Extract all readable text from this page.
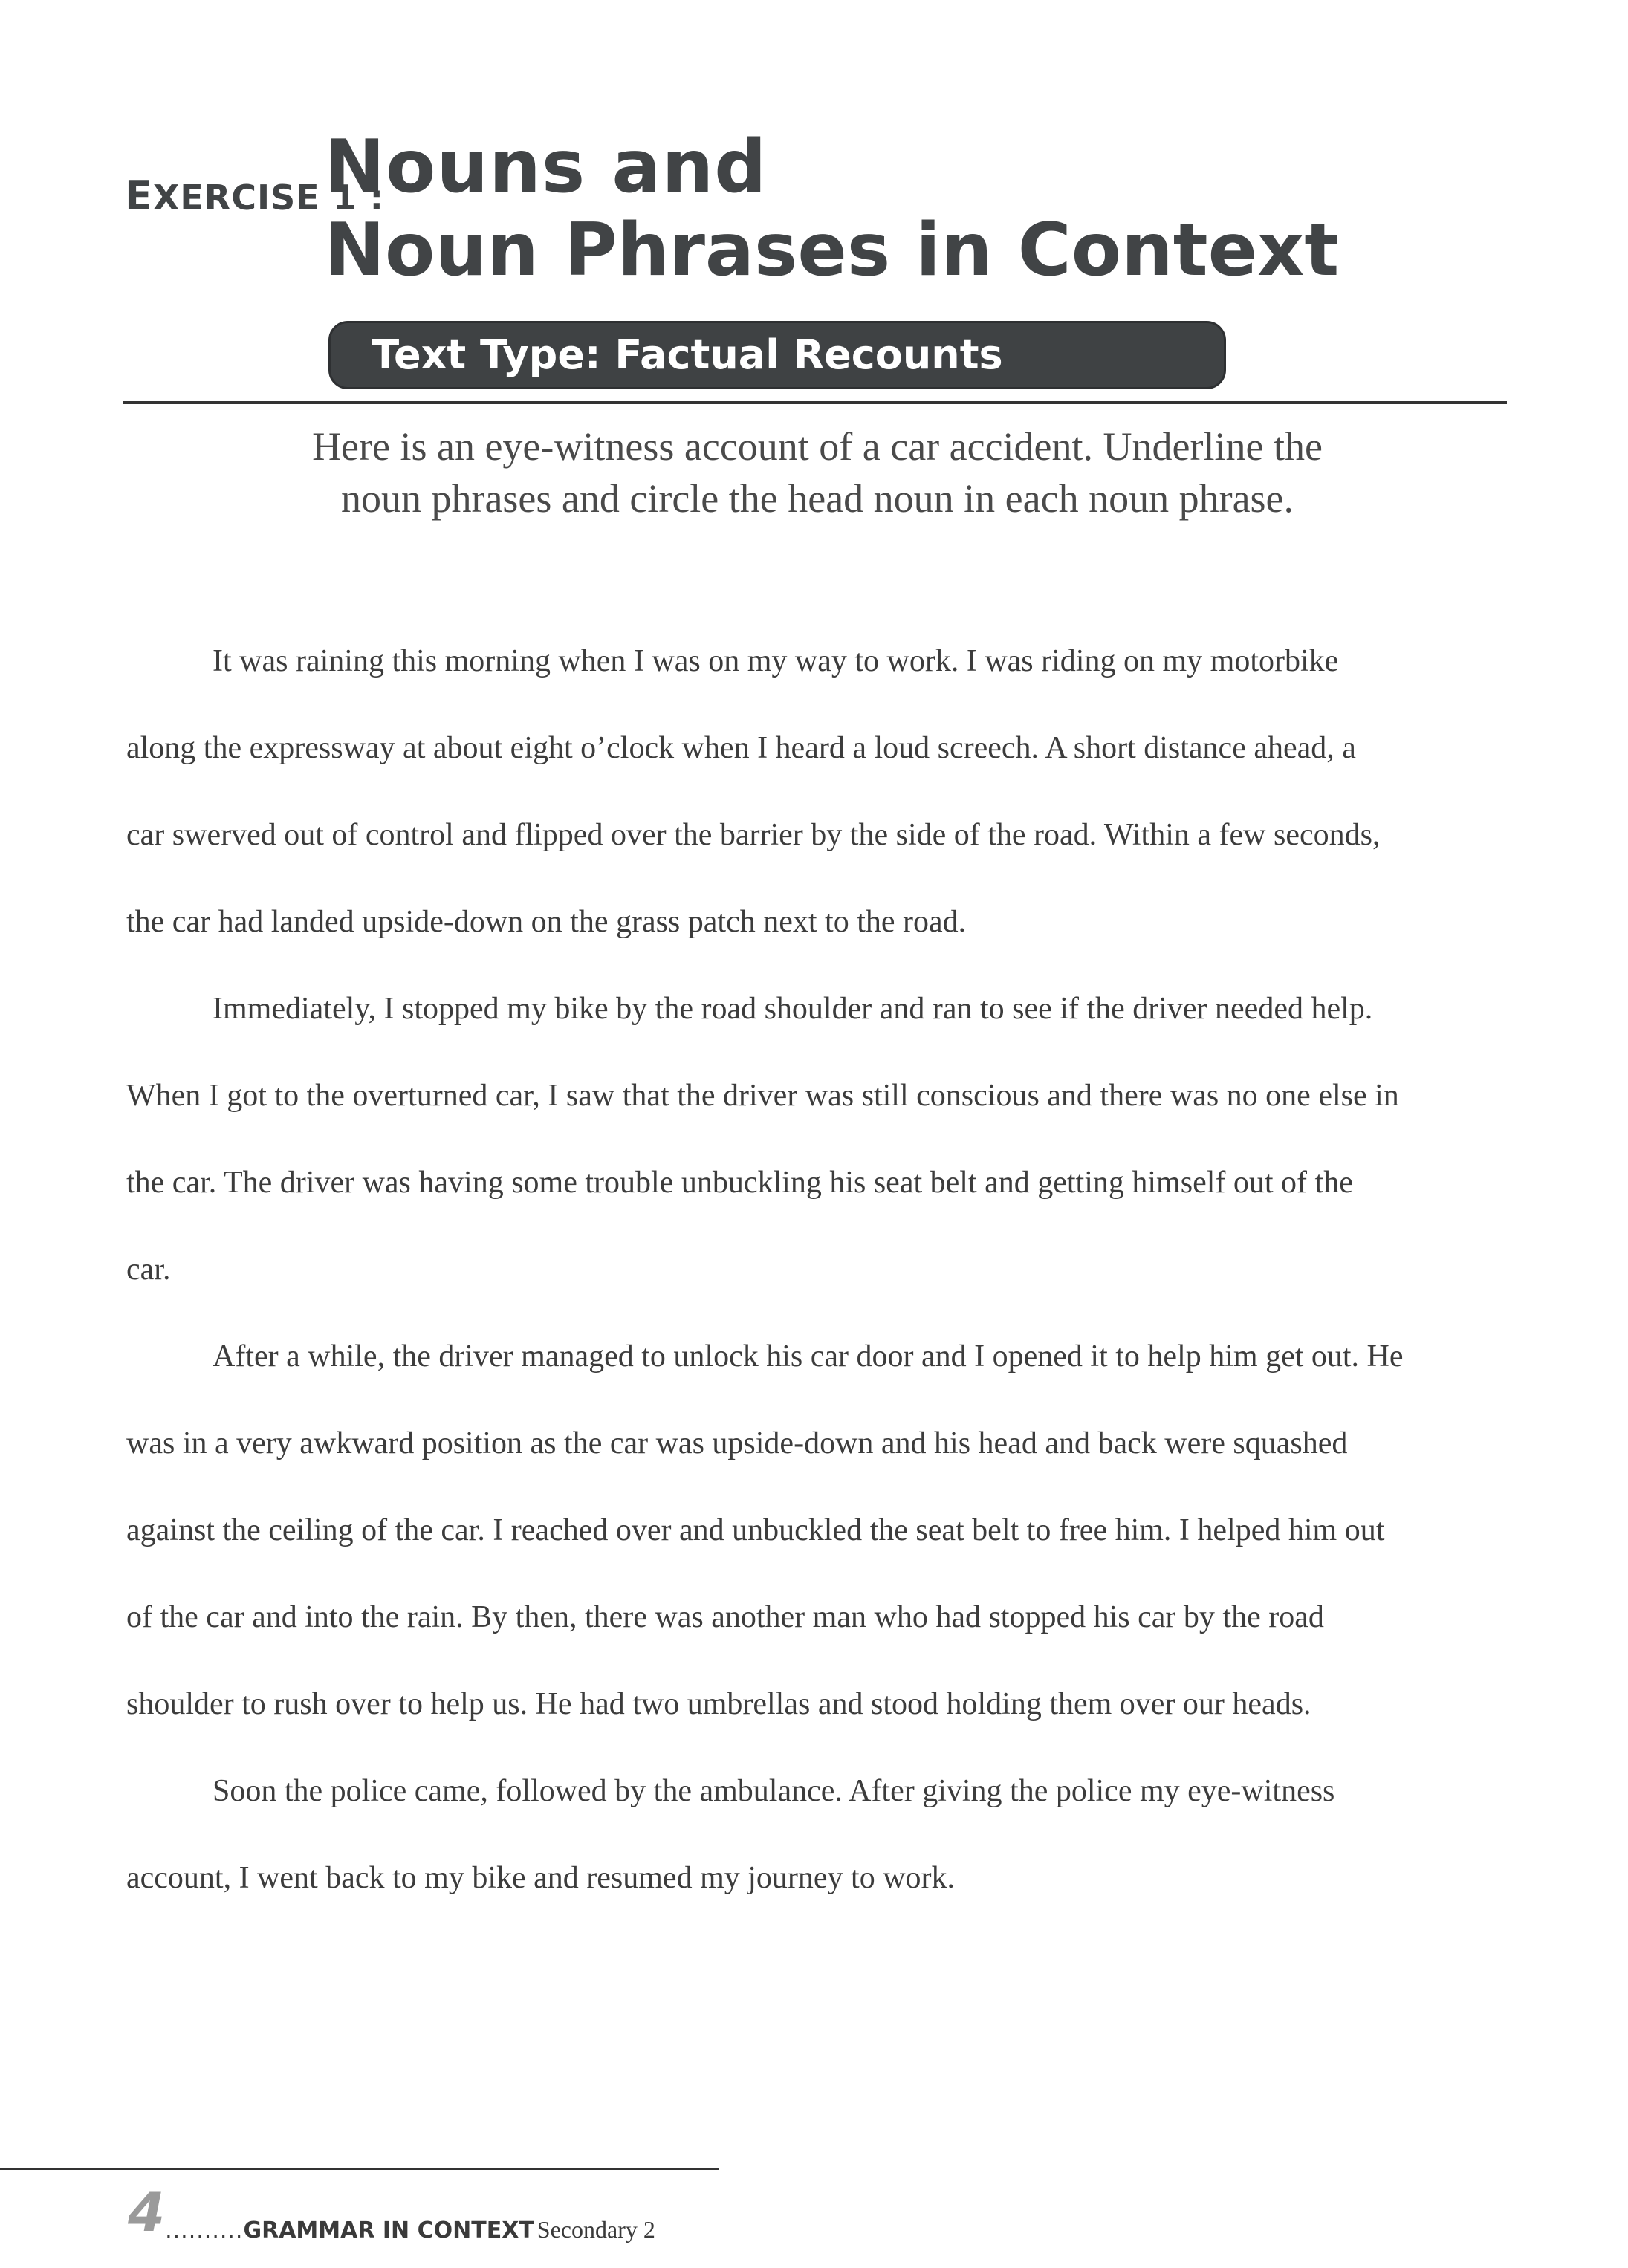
EXERCISE 1 :
Nouns and
Noun Phrases in Context
Text Type: Factual Recounts
Here is an eye-witness account of a car accident. Underline the
noun phrases and circle the head noun in each noun phrase.
It was raining this morning when I was on my way to work. I was riding on my motorbike
along the expressway at about eight o’clock when I heard a loud screech. A short distance ahead, a
car swerved out of control and flipped over the barrier by the side of the road. Within a few seconds,
the car had landed upside-down on the grass patch next to the road.
Immediately, I stopped my bike by the road shoulder and ran to see if the driver needed help.
When I got to the overturned car, I saw that the driver was still conscious and there was no one else in
the car. The driver was having some trouble unbuckling his seat belt and getting himself out of the
car.
After a while, the driver managed to unlock his car door and I opened it to help him get out. He
was in a very awkward position as the car was upside-down and his head and back were squashed
against the ceiling of the car. I reached over and unbuckled the seat belt to free him. I helped him out
of the car and into the rain. By then, there was another man who had stopped his car by the road
shoulder to rush over to help us. He had two umbrellas and stood holding them over our heads.
Soon the police came, followed by the ambulance. After giving the police my eye-witness
account, I went back to my bike and resumed my journey to work.
4..........GRAMMAR IN CONTEXT Secondary 2
